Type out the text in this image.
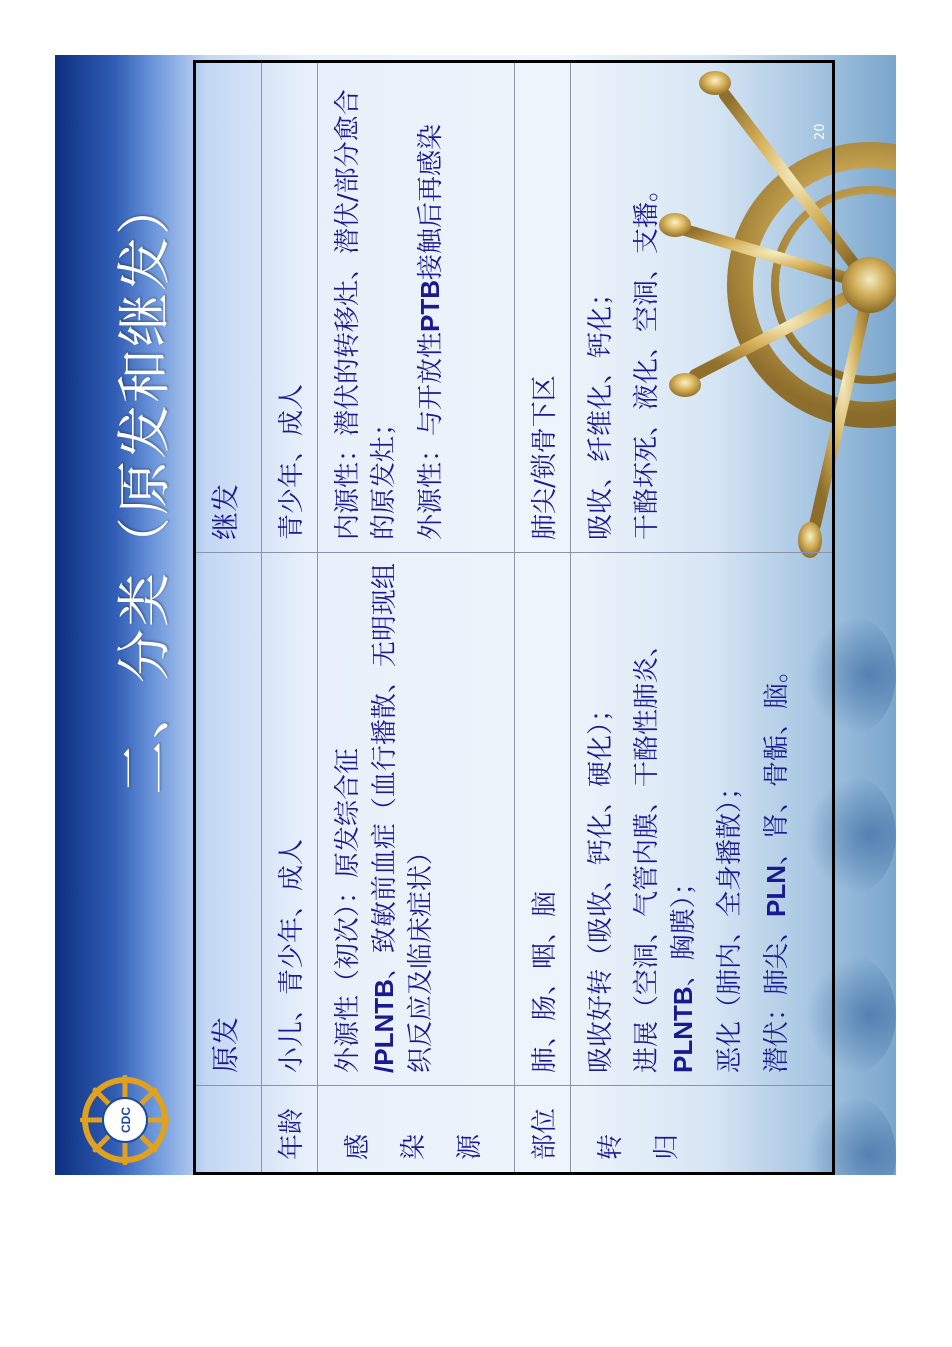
CDC
二、分类（原发和继发）
20
	原发	继发
年龄	小儿、青少年、成人	青少年、成人

感 染 源	外源性（初次）：原发综合征 /PLNTB、致敏前血症（血行播散、无明现组织反应及临床症状）	内源性：潜伏的转移灶、潜伏/部分愈合的原发灶； 外源性：与开放性PTB接触后再感染

部位	肺、肠、咽、脑	肺尖/锁骨下区

转 归	吸收好转（吸收、钙化、硬化）； 进展（空洞、气管内膜、干酪性肺炎、 PLNTB、胸膜）； 恶化（肺内、全身播散）； 潜伏：肺尖、PLN、肾、骨骺、脑。	吸收、纤维化、钙化； 干酪坏死、液化、空洞、支播。
